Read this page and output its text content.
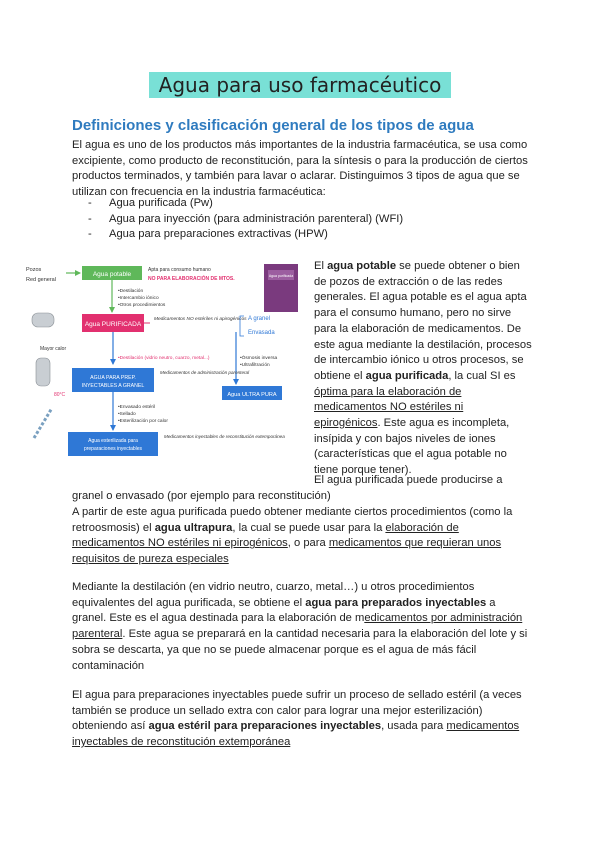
Agua para uso farmacéutico
Definiciones y clasificación general de los tipos de agua
El agua es uno de los productos más importantes de la industria farmacéutica, se usa como excipiente, como producto de reconstitución, para la síntesis o para la producción de ciertos productos terminados, y también para lavar o aclarar. Distinguimos 3 tipos de agua que se utilizan con frecuencia en la industria farmacéutica:
- Agua purificada (Pw)
- Agua para inyección (para administración parenteral) (WFI)
- Agua para preparaciones extractivas (HPW)
Pozos
Red general
80°C
Mayor calor
Agua potable
Apta para consumo humano
NO PARA ELABORACIÓN DE MTOS.	Agua purificada
•Destilación
•Intercambio iónico
•Otros procedimientos
Agua PURIFICADA
Medicamentos NO estériles ni apirogénicos A granel
Envasada
•Destilación (vidrio neutro, cuarzo, metal...)	•Ósmosis inversa
•Ultrafiltración
AGUA PARA PREP.
INYECTABLES A GRANEL
Medicamentos de administración parenteral
Agua ULTRA PURA
•Envasado estéril
•Sellado
•Esterilización por calor
Agua esterilizada para
preparaciones inyectables
Medicamentos inyectables de reconstitución extemporánea
El agua potable se puede obtener o bien de pozos de extracción o de las redes generales. El agua potable es el agua apta para el consumo humano, pero no sirve para la elaboración de medicamentos. De este agua mediante la destilación, procesos de intercambio iónico u otros procesos, se obtiene el agua purificada, la cual SI es óptima para la elaboración de medicamentos NO estériles ni epirogénicos. Este agua es incompleta, insípida y con bajos niveles de iones (características que el agua potable no tiene porque tener).
El agua purificada puede producirse a
granel o envasado (por ejemplo para reconstitución)
A partir de este agua purificada puedo obtener mediante ciertos procedimientos (como la retroosmosis) el agua ultrapura, la cual se puede usar para la elaboración de medicamentos NO estériles ni epirogénicos, o para medicamentos que requieran unos requisitos de pureza especiales
Mediante la destilación (en vidrio neutro, cuarzo, metal…) u otros procedimientos equivalentes del agua purificada, se obtiene el agua para preparados inyectables a granel. Este es el agua destinada para la elaboración de medicamentos por administración parenteral. Este agua se preparará en la cantidad necesaria para la elaboración del lote y si sobra se descarta, ya que no se puede almacenar porque es el agua de más fácil contaminación
El agua para preparaciones inyectables puede sufrir un proceso de sellado estéril (a veces también se produce un sellado extra con calor para lograr una mejor esterilización) obteniendo así agua estéril para preparaciones inyectables, usada para medicamentos inyectables de reconstitución extemporánea
